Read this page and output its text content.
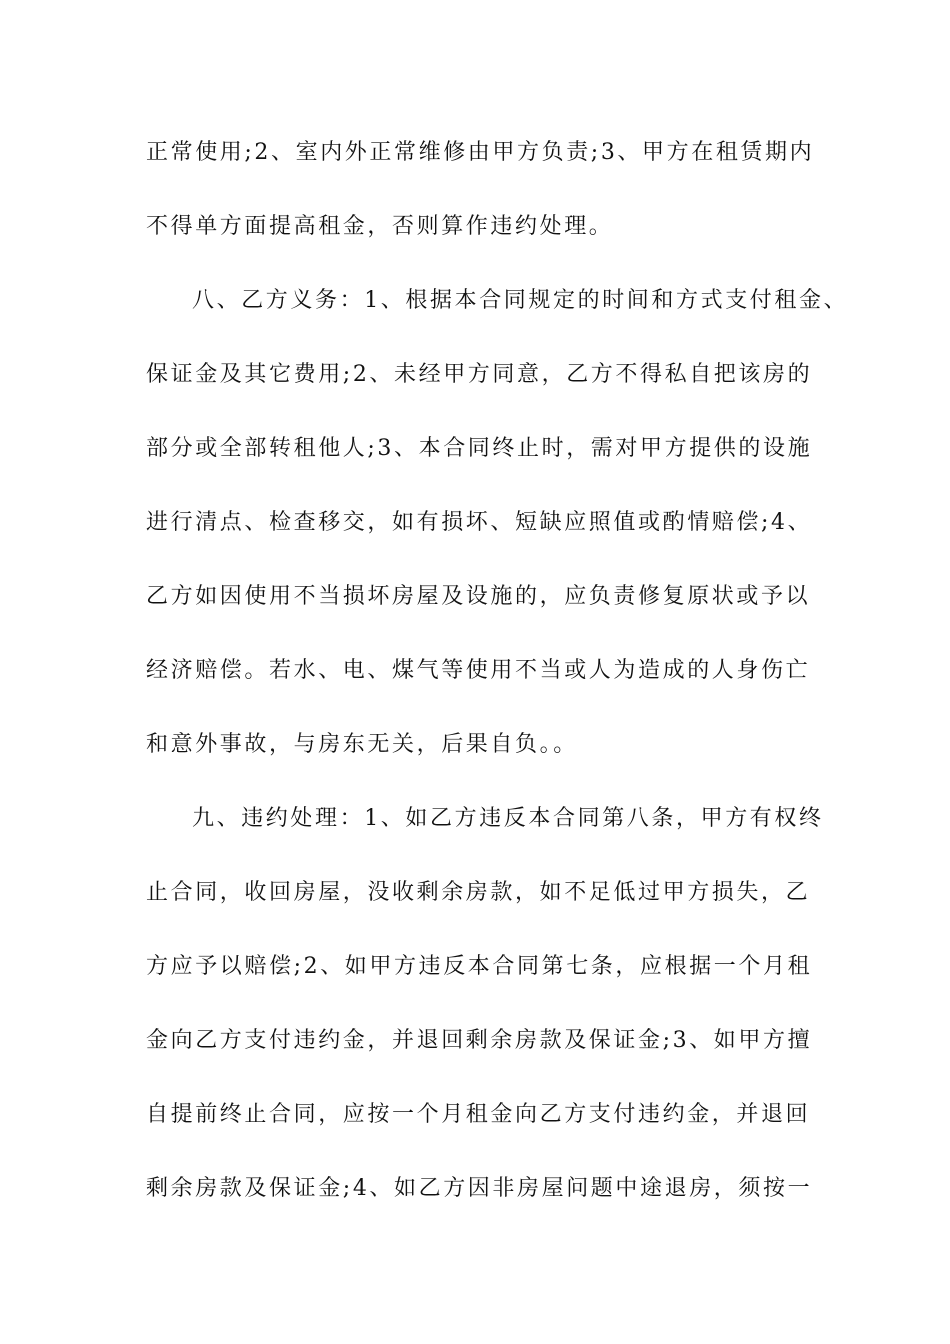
正常使用;2、室内外正常维修由甲方负责;3、甲方在租赁期内
不得单方面提高租金，否则算作违约处理。
八、乙方义务：1、根据本合同规定的时间和方式支付租金、
保证金及其它费用;2、未经甲方同意，乙方不得私自把该房的
部分或全部转租他人;3、本合同终止时，需对甲方提供的设施
进行清点、检查移交，如有损坏、短缺应照值或酌情赔偿;4、
乙方如因使用不当损坏房屋及设施的，应负责修复原状或予以
经济赔偿。若水、电、煤气等使用不当或人为造成的人身伤亡
和意外事故，与房东无关，后果自负。。
九、违约处理：1、如乙方违反本合同第八条，甲方有权终
止合同，收回房屋，没收剩余房款，如不足低过甲方损失，乙
方应予以赔偿;2、如甲方违反本合同第七条，应根据一个月租
金向乙方支付违约金，并退回剩余房款及保证金;3、如甲方擅
自提前终止合同，应按一个月租金向乙方支付违约金，并退回
剩余房款及保证金;4、如乙方因非房屋问题中途退房，须按一
